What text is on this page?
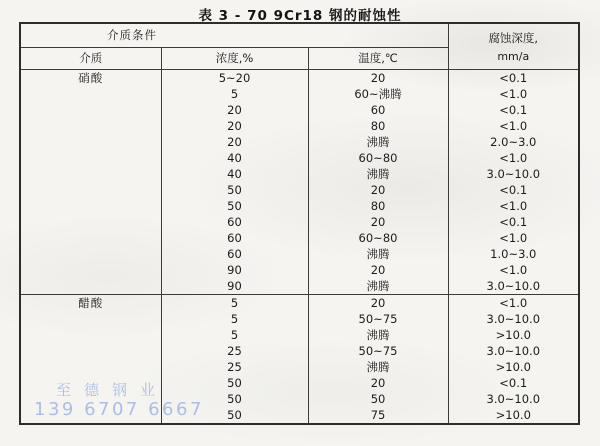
表 3 - 70 9Cr18 钢的耐蚀性
介质条件			腐蚀深度,
mm/a

介质	浓度,%	温度,℃	
硝酸	5~20	20	<0.1
	5	60~沸腾	<1.0
	20	60	<0.1
	20	80	<1.0
	20	沸腾	2.0~3.0
	40	60~80	<1.0
	40	沸腾	3.0~10.0
	50	20	<0.1
	50	80	<1.0
	60	20	<0.1
	60	60~80	<1.0
	60	沸腾	1.0~3.0
	90	20	<1.0
	90	沸腾	3.0~10.0
醋酸	5	20	<1.0
	5	50~75	3.0~10.0
	5	沸腾	>10.0
	25	50~75	3.0~10.0
	25	沸腾	>10.0
	50	20	<0.1
	50	50	3.0~10.0
	50	75	>10.0
至德钢业
139 6707 6667
